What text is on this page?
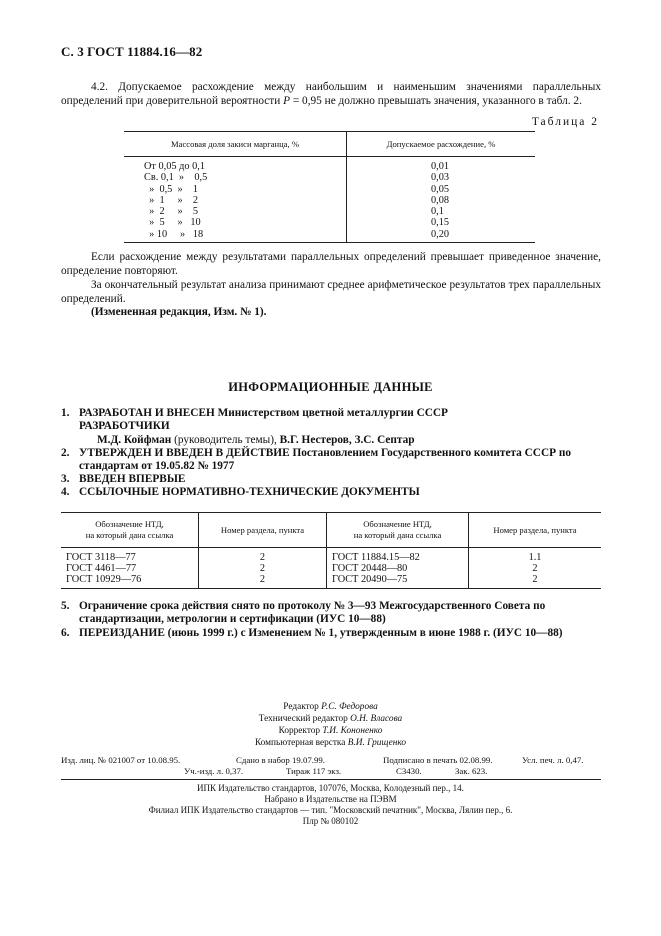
С. 3 ГОСТ 11884.16—82
4.2. Допускаемое расхождение между наибольшим и наименьшим значениями параллельных определений при доверительной вероятности P = 0,95 не должно превышать значения, указанного в табл. 2.
Таблица 2
Массовая доля закиси марганца, %	Допускаемое расхождение, %
От 0,05 до 0,1	0,01
Св. 0,1  »    0,5	0,03
»  0,5  »    1	0,05
»  1     »    2	0,08
»  2     »    5	0,1
»  5     »   10	0,15
» 10     »   18	0,20
Если расхождение между результатами параллельных определений превышает приведенное значение, определение повторяют.
За окончательный результат анализа принимают среднее арифметическое результатов трех параллельных определений.
(Измененная редакция, Изм. № 1).
ИНФОРМАЦИОННЫЕ ДАННЫЕ
1. РАЗРАБОТАН И ВНЕСЕН Министерством цветной металлургии СССР
РАЗРАБОТЧИКИ
М.Д. Койфман (руководитель темы), В.Г. Нестеров, З.С. Септар
2. УТВЕРЖДЕН И ВВЕДЕН В ДЕЙСТВИЕ Постановлением Государственного комитета СССР по
стандартам от 19.05.82 № 1977
3. ВВЕДЕН ВПЕРВЫЕ
4. ССЫЛОЧНЫЕ НОРМАТИВНО-ТЕХНИЧЕСКИЕ ДОКУМЕНТЫ
Обозначение НТД,
на который дана ссылка	Номер раздела, пункта	Обозначение НТД,
на который дана ссылка	Номер раздела, пункта
ГОСТ 3118—77	2	ГОСТ 11884.15—82	1.1
ГОСТ 4461—77	2	ГОСТ 20448—80	2
ГОСТ 10929—76	2	ГОСТ 20490—75	2
5. Ограничение срока действия снято по протоколу № 3—93 Межгосударственного Совета по
стандартизации, метрологии и сертификации (ИУС 10—88)
6. ПЕРЕИЗДАНИЕ (июнь 1999 г.) с Изменением № 1, утвержденным в июне 1988 г. (ИУС 10—88)
Редактор Р.С. Федорова
Технический редактор О.Н. Власова
Корректор Т.И. Кононенко
Компьютерная верстка В.И. Грищенко
Изд. лиц. № 021007 от 10.08.95.	Сдано в набор 19.07.99.	Подписано в печать 02.08.99.	Усл. печ. л. 0,47.
Уч.-изд. л. 0,37.	Тираж 117 экз.	С3430.	Зак. 623.
ИПК Издательство стандартов, 107076, Москва, Колодезный пер., 14.
Набрано в Издательстве на ПЭВМ
Филиал ИПК Издательство стандартов — тип. "Московский печатник", Москва, Лялин пер., 6.
Плр № 080102
